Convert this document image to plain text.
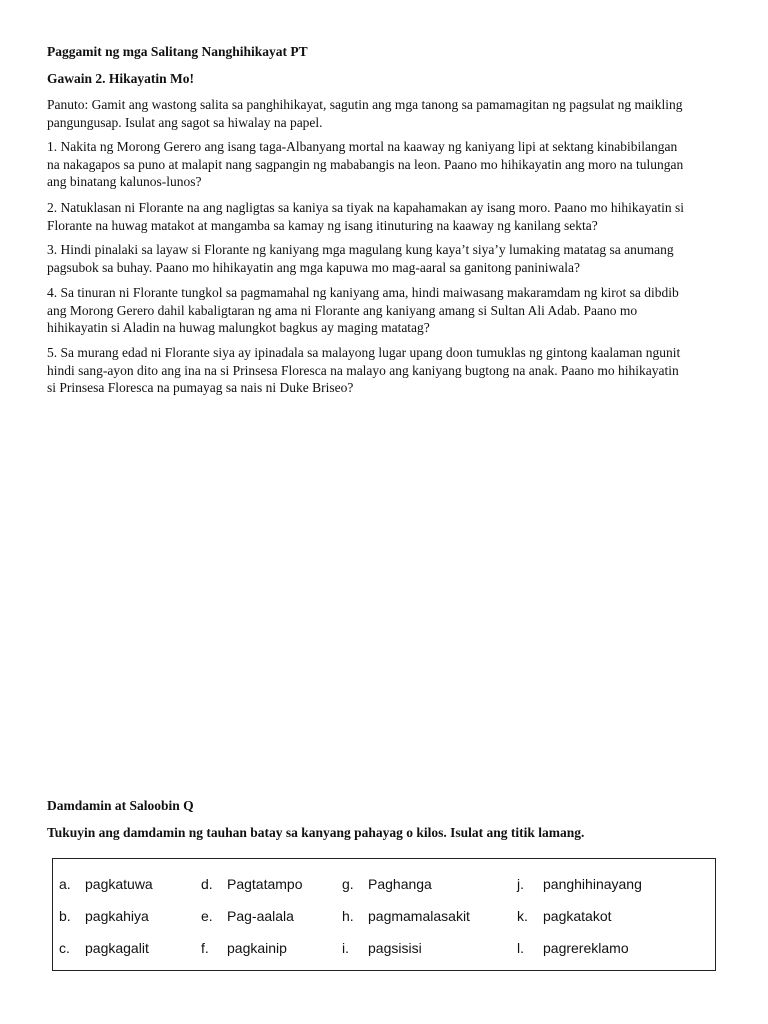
Paggamit ng mga Salitang Nanghihikayat PT
Gawain 2. Hikayatin Mo!
Panuto: Gamit ang wastong salita sa panghihikayat, sagutin ang mga tanong sa pamamagitan ng pagsulat ng maikling
pangungusap. Isulat ang sagot sa hiwalay na papel.
1. Nakita ng Morong Gerero ang isang taga-Albanyang mortal na kaaway ng kaniyang lipi at sektang kinabibilangan
na nakagapos sa puno at malapit nang sagpangin ng mababangis na leon. Paano mo hihikayatin ang moro na tulungan
ang binatang kalunos-lunos?
2. Natuklasan ni Florante na ang nagligtas sa kaniya sa tiyak na kapahamakan ay isang moro. Paano mo hihikayatin si
Florante na huwag matakot at mangamba sa kamay ng isang itinuturing na kaaway ng kanilang sekta?
3. Hindi pinalaki sa layaw si Florante ng kaniyang mga magulang kung kaya’t siya’y lumaking matatag sa anumang
pagsubok sa buhay. Paano mo hihikayatin ang mga kapuwa mo mag-aaral sa ganitong paniniwala?
4. Sa tinuran ni Florante tungkol sa pagmamahal ng kaniyang ama, hindi maiwasang makaramdam ng kirot sa dibdib
ang Morong Gerero dahil kabaligtaran ng ama ni Florante ang kaniyang amang si Sultan Ali Adab. Paano mo
hihikayatin si Aladin na huwag malungkot bagkus ay maging matatag?
5. Sa murang edad ni Florante siya ay ipinadala sa malayong lugar upang doon tumuklas ng gintong kaalaman ngunit
hindi sang-ayon dito ang ina na si Prinsesa Floresca na malayo ang kaniyang bugtong na anak. Paano mo hihikayatin
si Prinsesa Floresca na pumayag sa nais ni Duke Briseo?
Damdamin at Saloobin Q
Tukuyin ang damdamin ng tauhan batay sa kanyang pahayag o kilos. Isulat ang titik lamang.
a. pagkatuwa	d. Pagtatampo	g. Paghanga	j. panghihinayang
b. pagkahiya	e. Pag-aalala	h. pagmamalasakit	k. pagkatakot
c. pagkagalit	f. pagkainip	i. pagsisisi	l. pagrereklamo
